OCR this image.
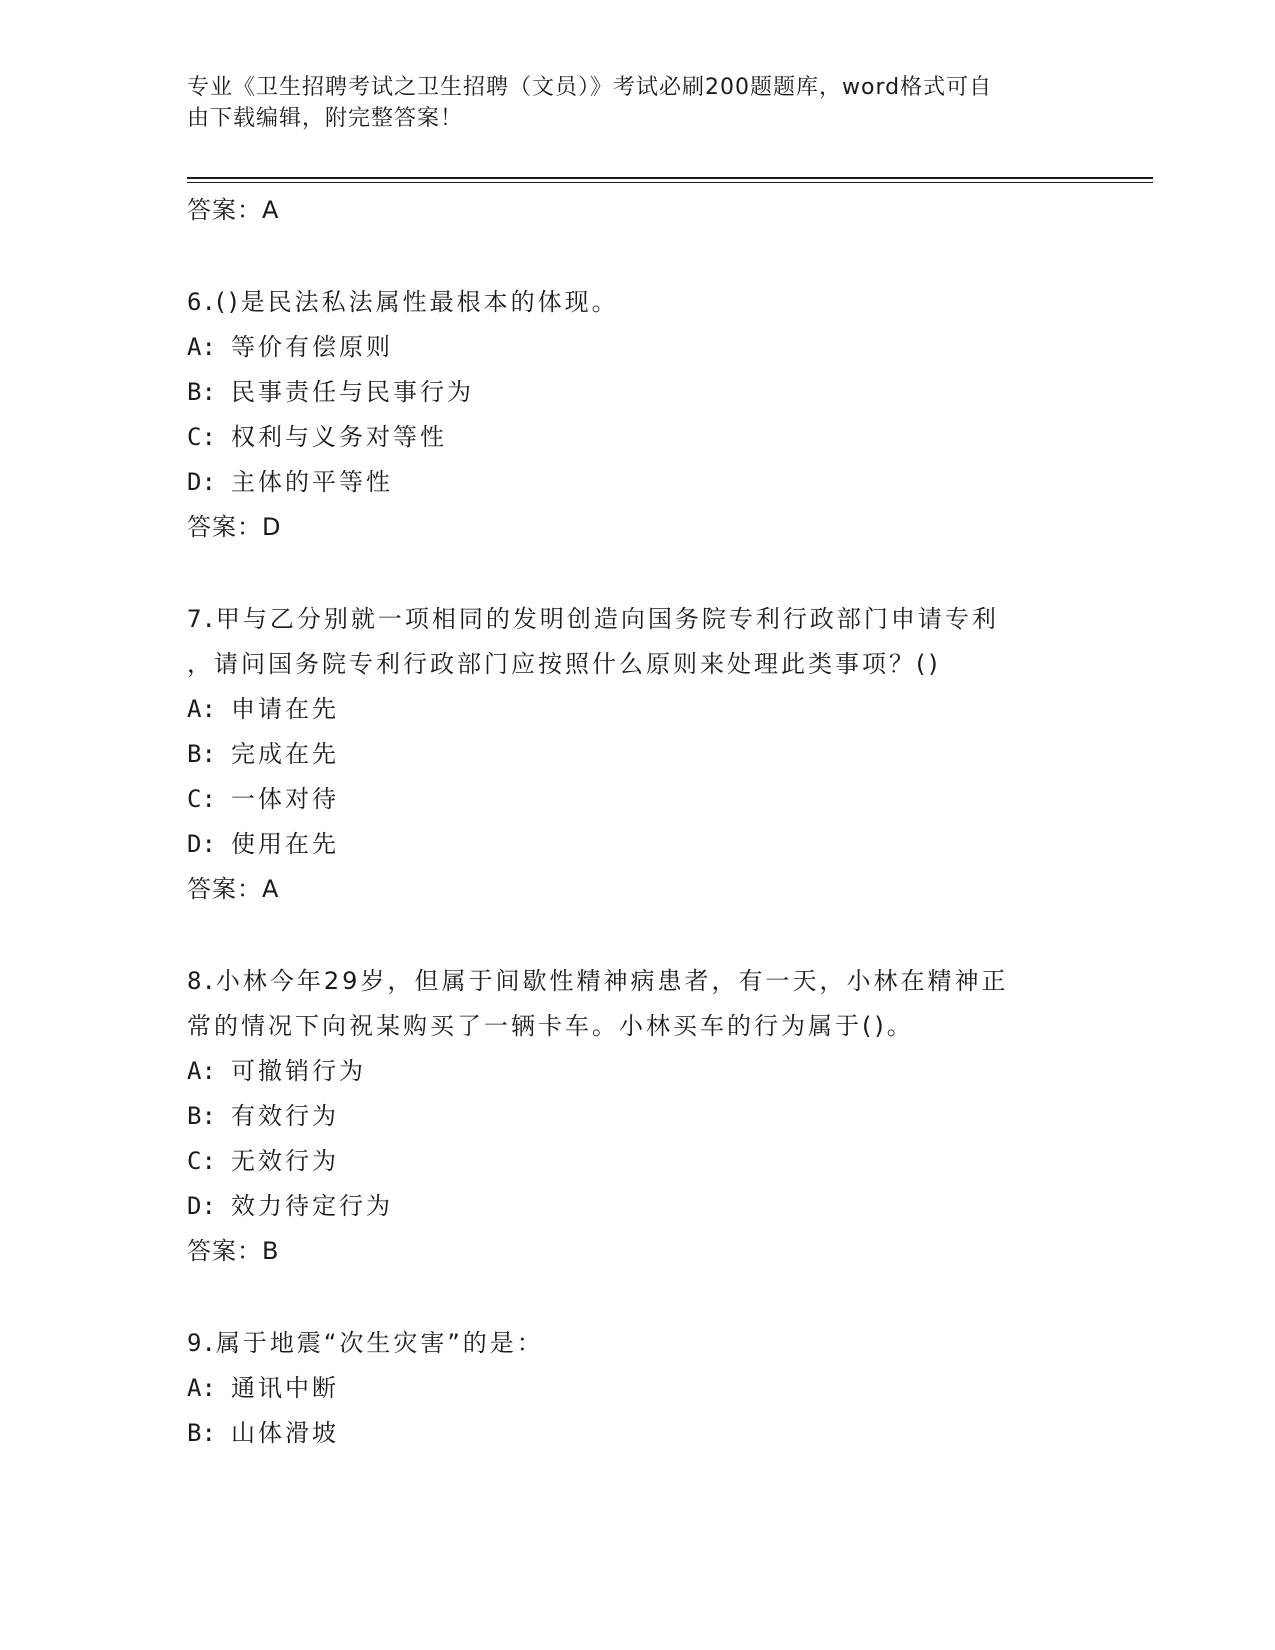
专业《卫生招聘考试之卫生招聘（文员）》考试必刷200题题库，word格式可自
由下载编辑，附完整答案！
答案：A
6.()是民法私法属性最根本的体现。
A: 等价有偿原则
B: 民事责任与民事行为
C: 权利与义务对等性
D: 主体的平等性
答案：D
7.甲与乙分别就一项相同的发明创造向国务院专利行政部门申请专利
，请问国务院专利行政部门应按照什么原则来处理此类事项？()
A: 申请在先
B: 完成在先
C: 一体对待
D: 使用在先
答案：A
8.小林今年29岁，但属于间歇性精神病患者，有一天，小林在精神正
常的情况下向祝某购买了一辆卡车。小林买车的行为属于()。
A: 可撤销行为
B: 有效行为
C: 无效行为
D: 效力待定行为
答案：B
9.属于地震“次生灾害”的是：
A: 通讯中断
B: 山体滑坡
